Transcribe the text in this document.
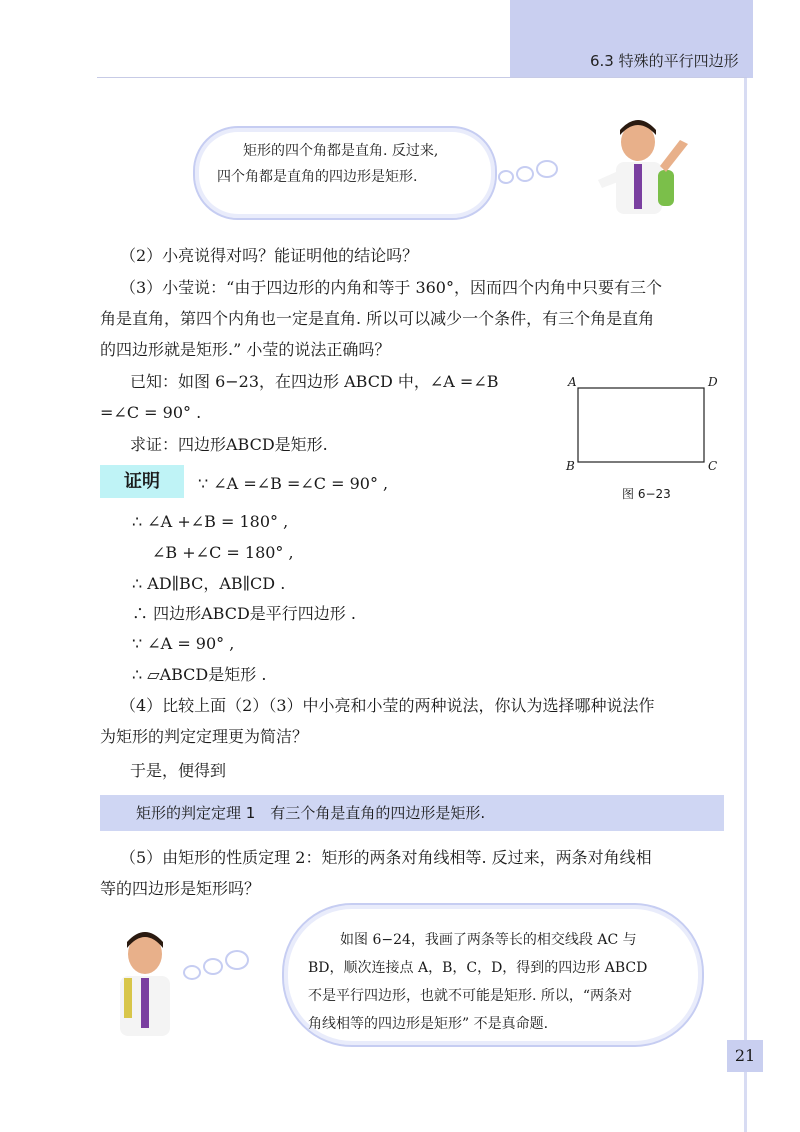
6.3 特殊的平行四边形
矩形的四个角都是直角. 反过来,
四个角都是直角的四边形是矩形.
（2）小亮说得对吗？能证明他的结论吗？
（3）小莹说：“由于四边形的内角和等于 360°，因而四个内角中只要有三个
角是直角，第四个内角也一定是直角. 所以可以减少一个条件，有三个角是直角
的四边形就是矩形.” 小莹的说法正确吗？
已知：如图 6−23，在四边形 ABCD 中，∠A =∠B
=∠C = 90° .
求证：四边形ABCD是矩形.
A	D
B	C
图 6−23
证明	∵ ∠A =∠B =∠C = 90° ,
∴ ∠A +∠B = 180° ,
∠B +∠C = 180° ,
∴ AD∥BC，AB∥CD .
∴ 四边形ABCD是平行四边形 .
∵ ∠A = 90° ,
∴ ▱ABCD是矩形 .
（4）比较上面（2）（3）中小亮和小莹的两种说法，你认为选择哪种说法作
为矩形的判定定理更为简洁？
于是，便得到
矩形的判定定理 1　有三个角是直角的四边形是矩形.
（5）由矩形的性质定理 2：矩形的两条对角线相等. 反过来，两条对角线相
等的四边形是矩形吗？
如图 6−24，我画了两条等长的相交线段 AC 与
BD，顺次连接点 A，B，C，D，得到的四边形 ABCD
不是平行四边形，也就不可能是矩形. 所以，“两条对
角线相等的四边形是矩形” 不是真命题.
21
